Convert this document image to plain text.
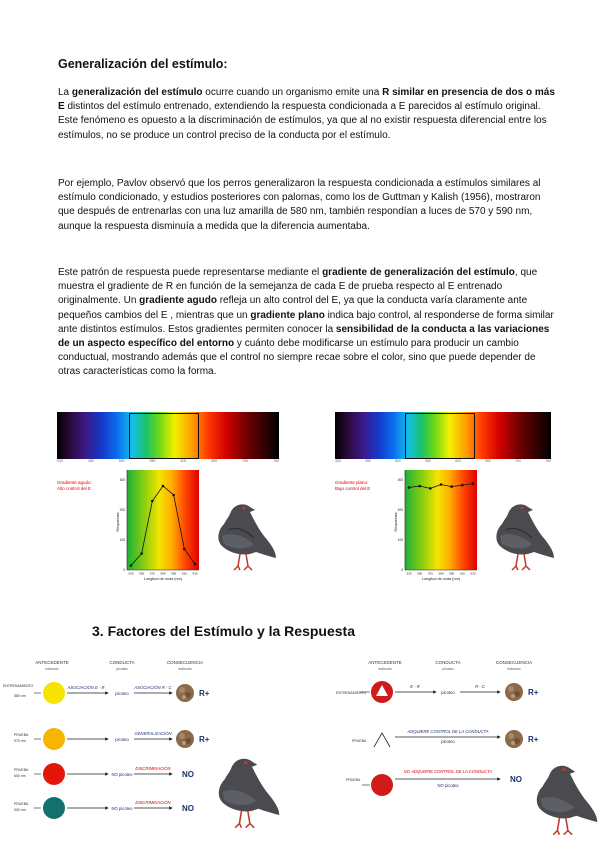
Generalización del estímulo:

La generalización del estímulo ocurre cuando un organismo emite una R similar en presencia de dos o más E distintos del estímulo entrenado, extendiendo la respuesta condicionada a E parecidos al estímulo original. Este fenómeno es opuesto a la discriminación de estímulos, ya que al no existir respuesta diferencial entre los estímulos, no se produce un control preciso de la conducta por el estímulo.

Por ejemplo, Pavlov observó que los perros generalizaron la respuesta condicionada a estímulos similares al estímulo condicionado, y estudios posteriores con palomas, como los de Guttman y Kalish (1956), mostraron que después de entrenarlas con una luz amarilla de 580 nm, también respondían a luces de 570 y 590 nm, aunque la respuesta disminuía a medida que la diferencia aumentaba.

Este patrón de respuesta puede representarse mediante el gradiente de generalización del estímulo, que muestra el gradiente de R en función de la semejanza de cada E de prueba respecto al E entrenado originalmente. Un gradiente agudo refleja un alto control del E, ya que la conducta varía claramente ante pequeños cambios del E , mientras que un gradiente plano indica bajo control, al responderse de forma similar ante distintos estímulos. Estos gradientes permiten conocer la sensibilidad de la conducta a las variaciones de un aspecto específico del entorno y cuánto debe modificarse un estímulo para producir un cambio conductual, mostrando además que el control no siempre recae sobre el color, sino que puede depender de otras características como la forma.

400	450	500	550	600	650	700	750
Gradiente agudo:
Alto control del E
0
100
200
300
530 550 570 580 590 610 630
Respuestas
Longitud de onda (nm)
400	450	500	550	600	650	700	750
Gradiente plano:
Bajo control del E
0
100
200
300
530 550 570 580 590 610 630
Respuestas
Longitud de onda (nm)
3. Factores del Estímulo y la Respuesta
ANTECEDENTE
estímulo
CONDUCTA
picoteo
CONSECUENCIA
estímulo
ENTRENAMIENTO
580 nm
ASOCIACIÓN E - R
picoteo
ASOCIACIÓN R - C
R+
PRUEBA
570 nm	picoteo
GENERALIZACIÓN
R+
PRUEBA
650 nm	NO picoteo
DISCRIMINACIÓN
NO
PRUEBA
500 nm	NO picoteo
DISCRIMINACIÓN
NO
ANTECEDENTE
estímulo
CONDUCTA
picoteo
CONSECUENCIA
estímulo
ENTRENAMIENTO
E - R
picoteo
R - C
R+
PRUEBA
ADQUIERE CONTROL DE LA CONDUCTA
picoteo	R+
PRUEBA
NO ADQUIERE CONTROL DE LA CONDUCTA
NO picoteo
NO
